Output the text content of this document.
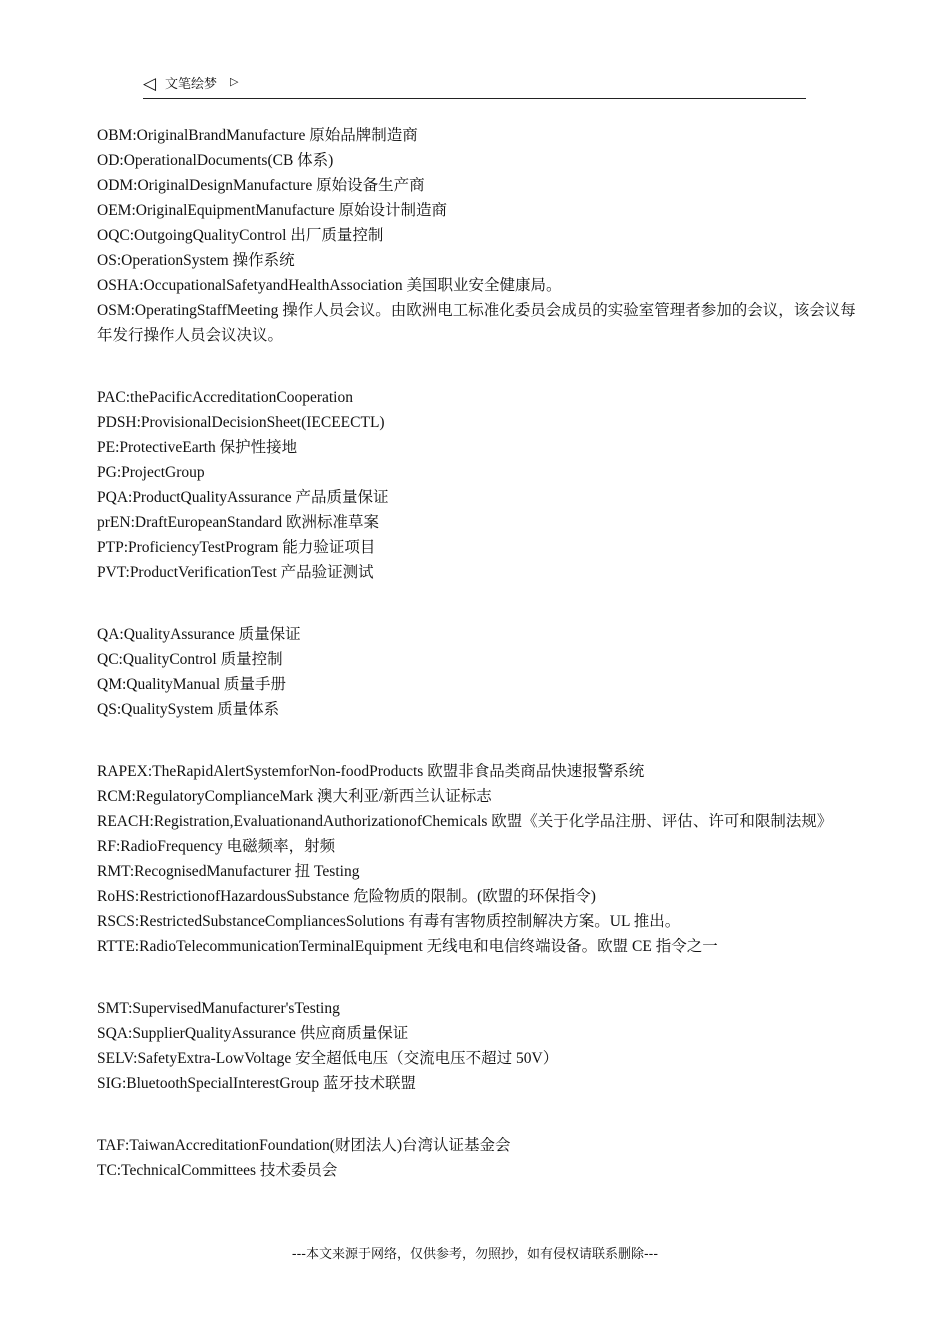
◁ 文笔绘梦 ▷
OBM:OriginalBrandManufacture 原始品牌制造商
OD:OperationalDocuments(CB 体系)
ODM:OriginalDesignManufacture 原始设备生产商
OEM:OriginalEquipmentManufacture 原始设计制造商
OQC:OutgoingQualityControl 出厂质量控制
OS:OperationSystem 操作系统
OSHA:OccupationalSafetyandHealthAssociation 美国职业安全健康局。
OSM:OperatingStaffMeeting 操作人员会议。由欧洲电工标准化委员会成员的实验室管理者参加的会议，该会议每年发行操作人员会议决议。
PAC:thePacificAccreditationCooperation
PDSH:ProvisionalDecisionSheet(IECEECTL)
PE:ProtectiveEarth 保护性接地
PG:ProjectGroup
PQA:ProductQualityAssurance 产品质量保证
prEN:DraftEuropeanStandard 欧洲标准草案
PTP:ProficiencyTestProgram 能力验证项目
PVT:ProductVerificationTest 产品验证测试
QA:QualityAssurance 质量保证
QC:QualityControl 质量控制
QM:QualityManual 质量手册
QS:QualitySystem 质量体系
RAPEX:TheRapidAlertSystemforNon-foodProducts 欧盟非食品类商品快速报警系统
RCM:RegulatoryComplianceMark 澳大利亚/新西兰认证标志
REACH:Registration,EvaluationandAuthorizationofChemicals 欧盟《关于化学品注册、评估、许可和限制法规》
RF:RadioFrequency 电磁频率，射频
RMT:RecognisedManufacturer 扭 Testing
RoHS:RestrictionofHazardousSubstance 危险物质的限制。(欧盟的环保指令)
RSCS:RestrictedSubstanceCompliancesSolutions 有毒有害物质控制解决方案。UL 推出。
RTTE:RadioTelecommunicationTerminalEquipment 无线电和电信终端设备。欧盟 CE 指令之一
SMT:SupervisedManufacturer'sTesting
SQA:SupplierQualityAssurance 供应商质量保证
SELV:SafetyExtra-LowVoltage 安全超低电压（交流电压不超过 50V）
SIG:BluetoothSpecialInterestGroup 蓝牙技术联盟
TAF:TaiwanAccreditationFoundation(财团法人)台湾认证基金会
TC:TechnicalCommittees 技术委员会
---本文来源于网络，仅供参考，勿照抄，如有侵权请联系删除---
